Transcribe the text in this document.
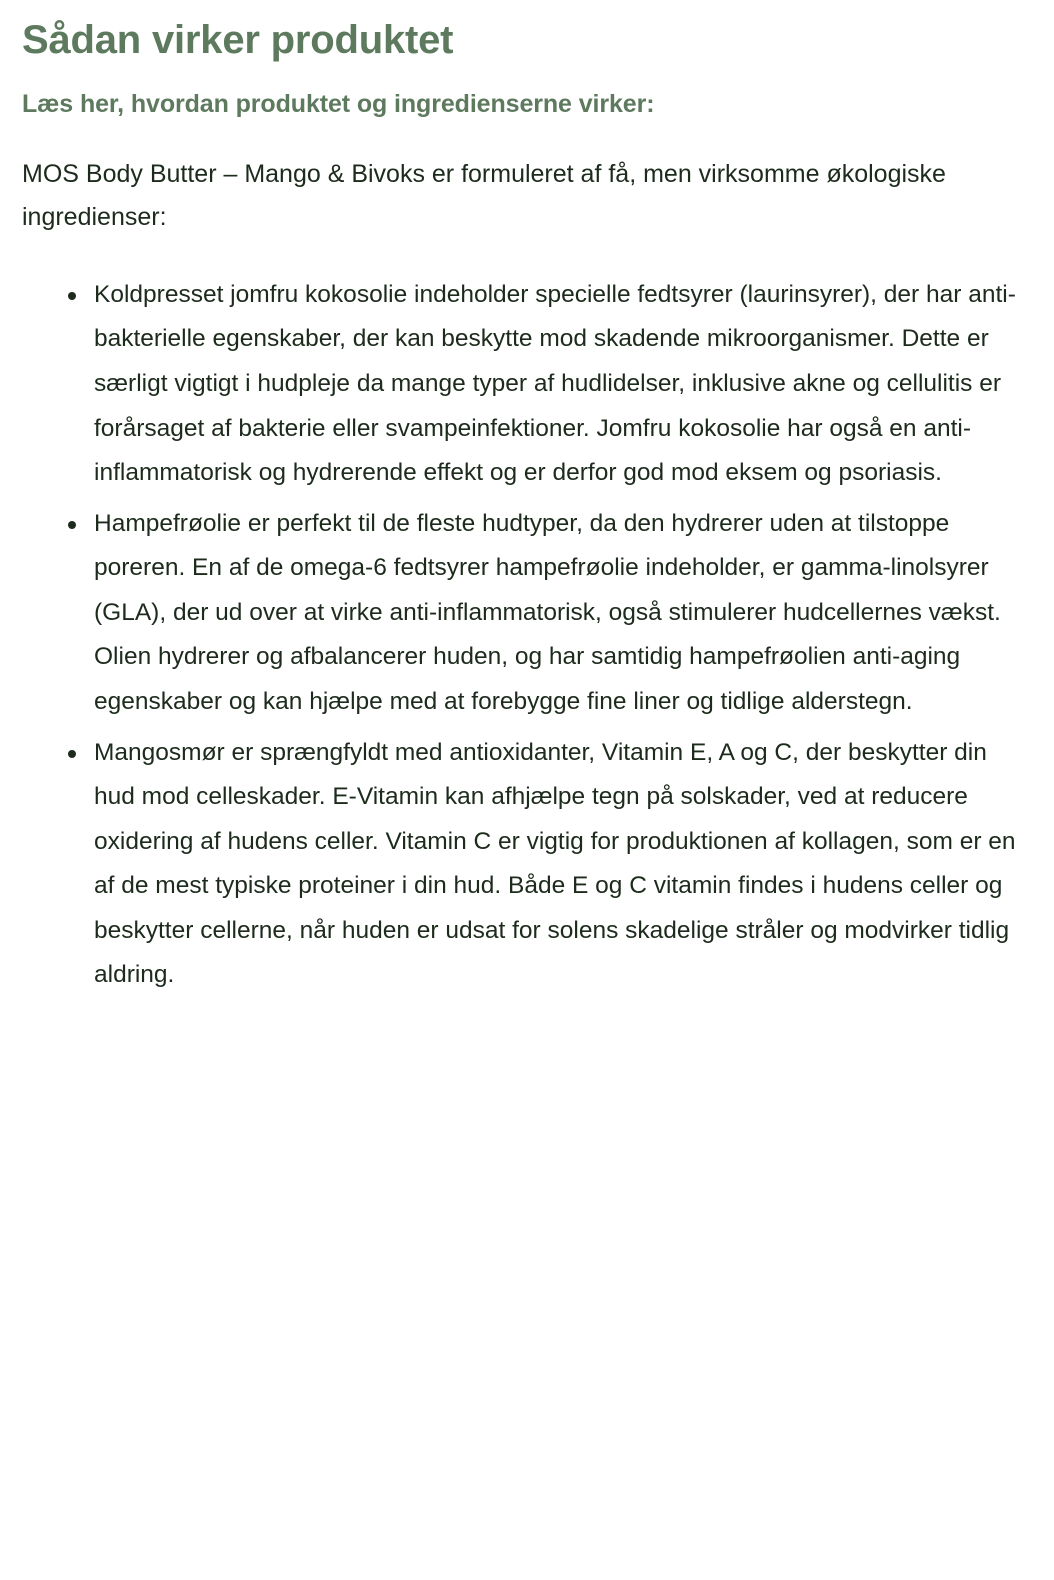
Sådan virker produktet
Læs her, hvordan produktet og ingredienserne virker:

MOS Body Butter – Mango & Bivoks er formuleret af få, men virksomme økologiske ingredienser:

Koldpresset jomfru kokosolie indeholder specielle fedtsyrer (laurinsyrer), der har anti-bakterielle egenskaber, der kan beskytte mod skadende mikroorganismer. Dette er særligt vigtigt i hudpleje da mange typer af hudlidelser, inklusive akne og cellulitis er forårsaget af bakterie eller svampeinfektioner. Jomfru kokosolie har også en anti-inflammatorisk og hydrerende effekt og er derfor god mod eksem og psoriasis.
Hampefrøolie er perfekt til de fleste hudtyper, da den hydrerer uden at tilstoppe poreren. En af de omega-6 fedtsyrer hampefrøolie indeholder, er gamma-linolsyrer (GLA), der ud over at virke anti-inflammatorisk, også stimulerer hudcellernes vækst. Olien hydrerer og afbalancerer huden, og har samtidig hampefrøolien anti-aging egenskaber og kan hjælpe med at forebygge fine liner og tidlige alderstegn.
Mangosmør er sprængfyldt med antioxidanter, Vitamin E, A og C, der beskytter din hud mod celleskader. E-Vitamin kan afhjælpe tegn på solskader, ved at reducere oxidering af hudens celler. Vitamin C er vigtig for produktionen af kollagen, som er en af de mest typiske proteiner i din hud. Både E og C vitamin findes i hudens celler og beskytter cellerne, når huden er udsat for solens skadelige stråler og modvirker tidlig aldring.
